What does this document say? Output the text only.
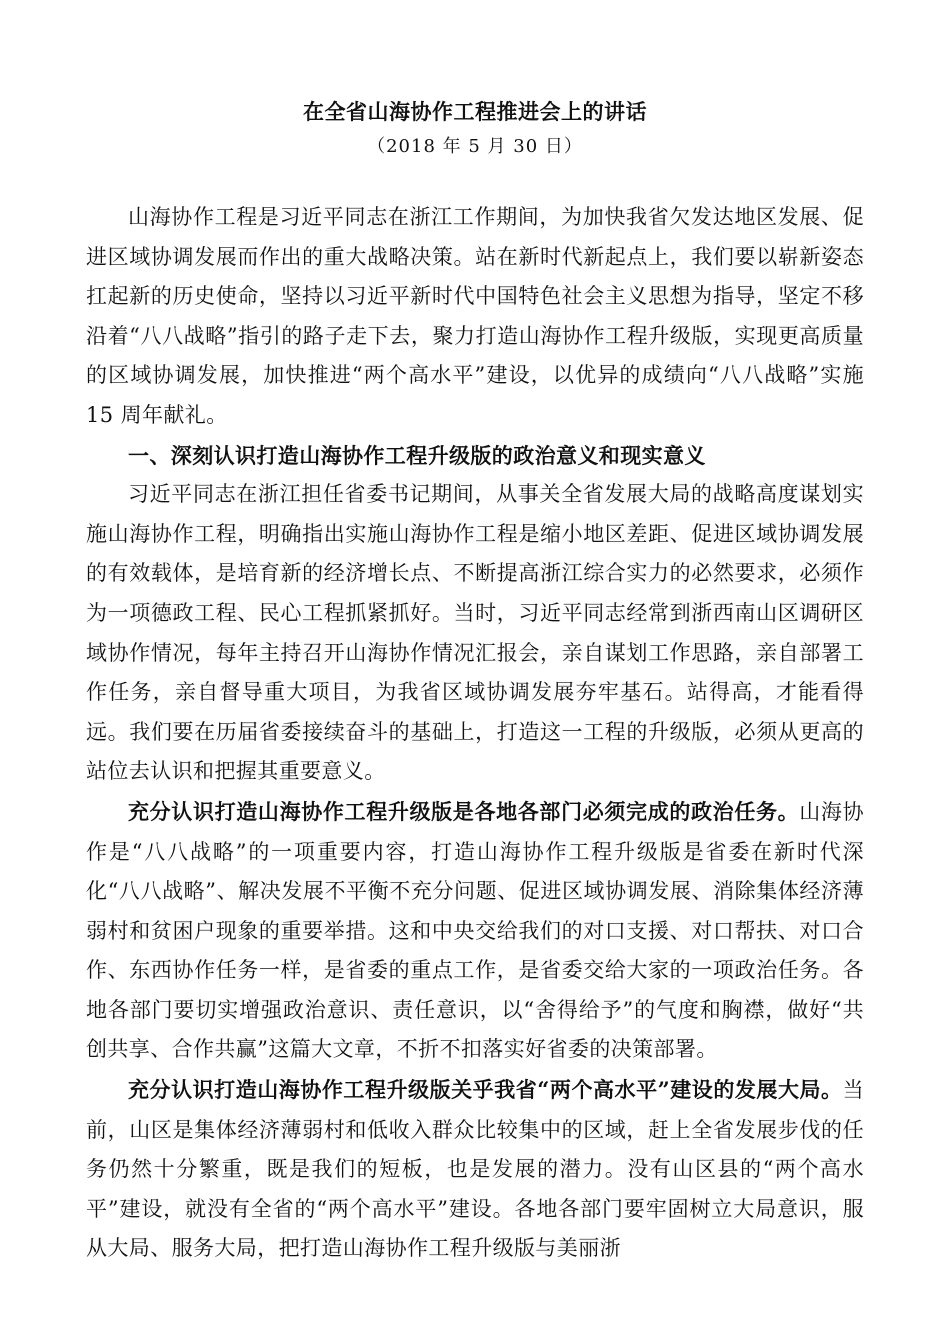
在全省山海协作工程推进会上的讲话
（2018 年 5 月 30 日）

山海协作工程是习近平同志在浙江工作期间，为加快我省欠发达地区发展、促进区域协调发展而作出的重大战略决策。站在新时代新起点上，我们要以崭新姿态扛起新的历史使命，坚持以习近平新时代中国特色社会主义思想为指导，坚定不移沿着“八八战略”指引的路子走下去，聚力打造山海协作工程升级版，实现更高质量的区域协调发展，加快推进“两个高水平”建设，以优异的成绩向“八八战略”实施 15 周年献礼。

一、深刻认识打造山海协作工程升级版的政治意义和现实意义

习近平同志在浙江担任省委书记期间，从事关全省发展大局的战略高度谋划实施山海协作工程，明确指出实施山海协作工程是缩小地区差距、促进区域协调发展的有效载体，是培育新的经济增长点、不断提高浙江综合实力的必然要求，必须作为一项德政工程、民心工程抓紧抓好。当时，习近平同志经常到浙西南山区调研区域协作情况，每年主持召开山海协作情况汇报会，亲自谋划工作思路，亲自部署工作任务，亲自督导重大项目，为我省区域协调发展夯牢基石。站得高，才能看得远。我们要在历届省委接续奋斗的基础上，打造这一工程的升级版，必须从更高的站位去认识和把握其重要意义。

充分认识打造山海协作工程升级版是各地各部门必须完成的政治任务。山海协作是“八八战略”的一项重要内容，打造山海协作工程升级版是省委在新时代深化“八八战略”、解决发展不平衡不充分问题、促进区域协调发展、消除集体经济薄弱村和贫困户现象的重要举措。这和中央交给我们的对口支援、对口帮扶、对口合作、东西协作任务一样，是省委的重点工作，是省委交给大家的一项政治任务。各地各部门要切实增强政治意识、责任意识，以“舍得给予”的气度和胸襟，做好“共创共享、合作共赢”这篇大文章，不折不扣落实好省委的决策部署。

充分认识打造山海协作工程升级版关乎我省“两个高水平”建设的发展大局。当前，山区是集体经济薄弱村和低收入群众比较集中的区域，赶上全省发展步伐的任务仍然十分繁重，既是我们的短板，也是发展的潜力。没有山区县的“两个高水平”建设，就没有全省的“两个高水平”建设。各地各部门要牢固树立大局意识，服从大局、服务大局，把打造山海协作工程升级版与美丽浙
